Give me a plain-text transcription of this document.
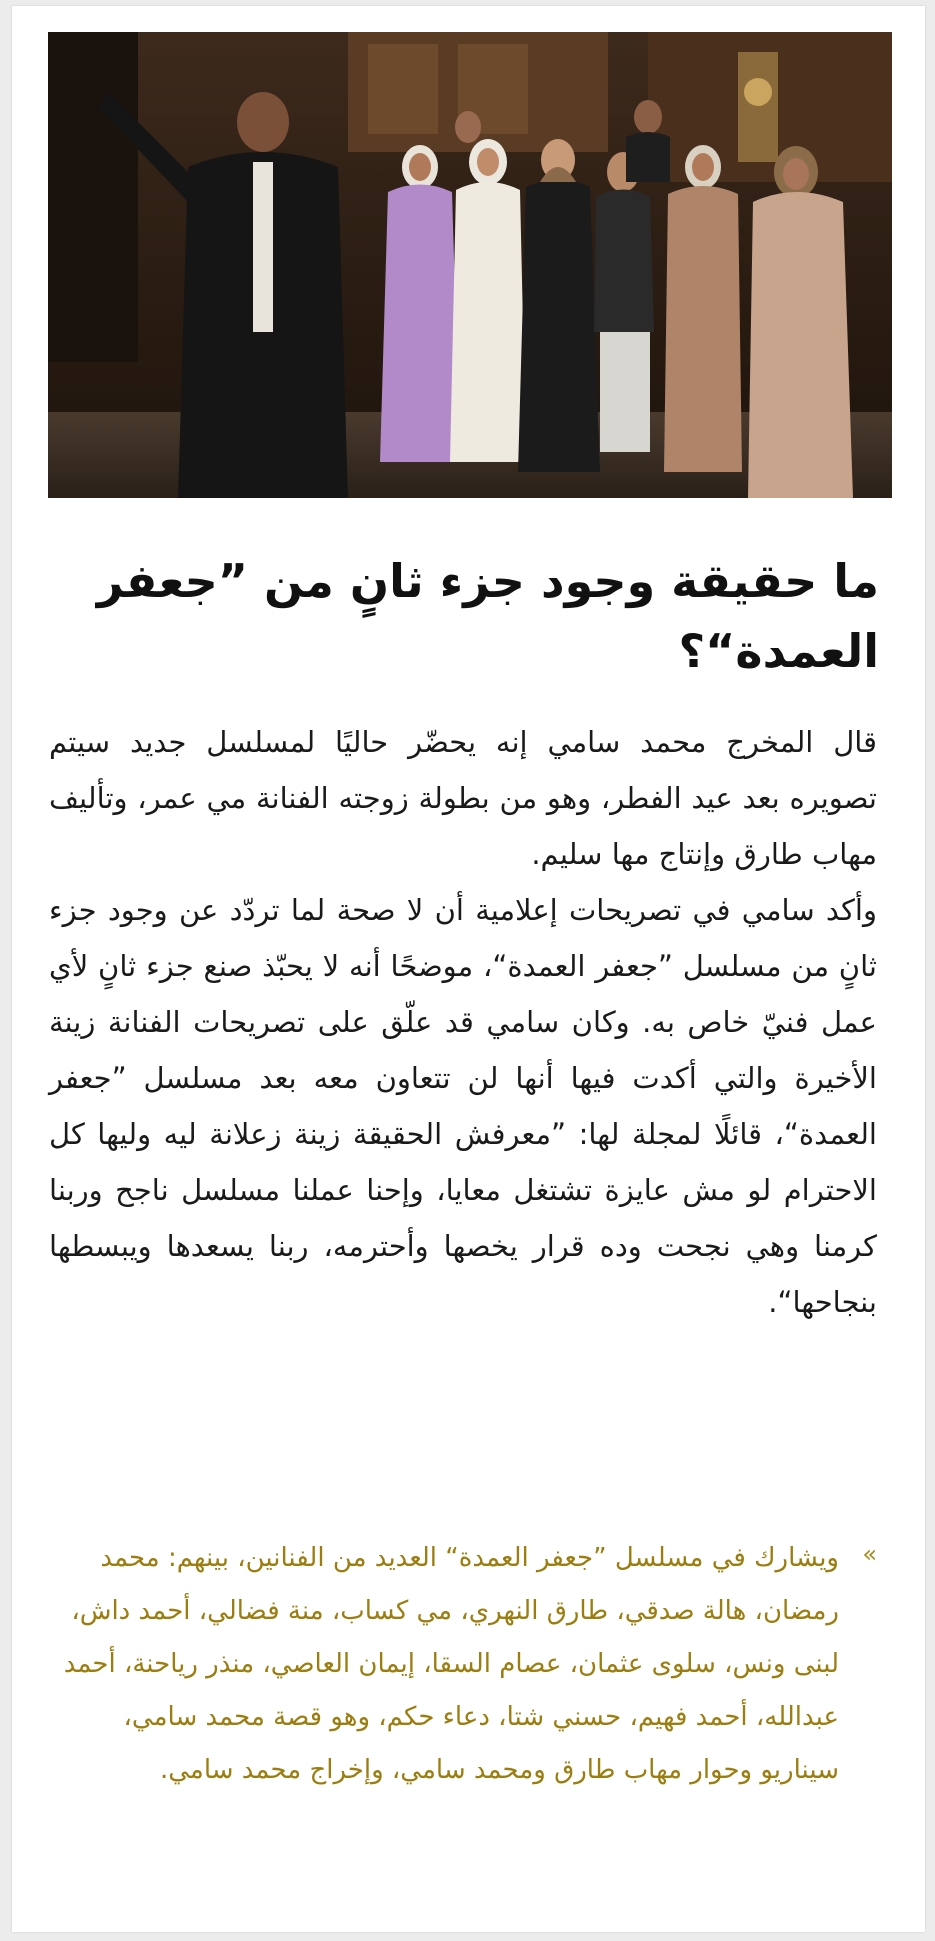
ما حقيقة وجود جزء ثانٍ من ”جعفر العمدة“؟

قال المخرج محمد سامي إنه يحضّر حاليًا لمسلسل جديد سيتم تصويره بعد عيد الفطر، وهو من بطولة زوجته الفنانة مي عمر، وتأليف مهاب طارق وإنتاج مها سليم.

وأكد سامي في تصريحات إعلامية أن لا صحة لما تردّد عن وجود جزء ثانٍ من مسلسل ”جعفر العمدة“، موضحًا أنه لا يحبّذ صنع جزء ثانٍ لأي عمل فنيّ خاص به. وكان سامي قد علّق على تصريحات الفنانة زينة الأخيرة والتي أكدت فيها أنها لن تتعاون معه بعد مسلسل ”جعفر العمدة“، قائلًا لمجلة لها: ”معرفش الحقيقة زينة زعلانة ليه وليها كل الاحترام لو مش عايزة تشتغل معايا، وإحنا عملنا مسلسل ناجح وربنا كرمنا وهي نجحت وده قرار يخصها وأحترمه، ربنا يسعدها ويبسطها بنجاحها“.

»

ويشارك في مسلسل ”جعفر العمدة“ العديد من الفنانين، بينهم: محمد رمضان، هالة صدقي، طارق النهري، مي كساب، منة فضالي، أحمد داش، لبنى ونس، سلوى عثمان، عصام السقا، إيمان العاصي، منذر رياحنة، أحمد عبدالله، أحمد فهيم، حسني شتا، دعاء حكم، وهو قصة محمد سامي، سيناريو وحوار مهاب طارق ومحمد سامي، وإخراج محمد سامي.
